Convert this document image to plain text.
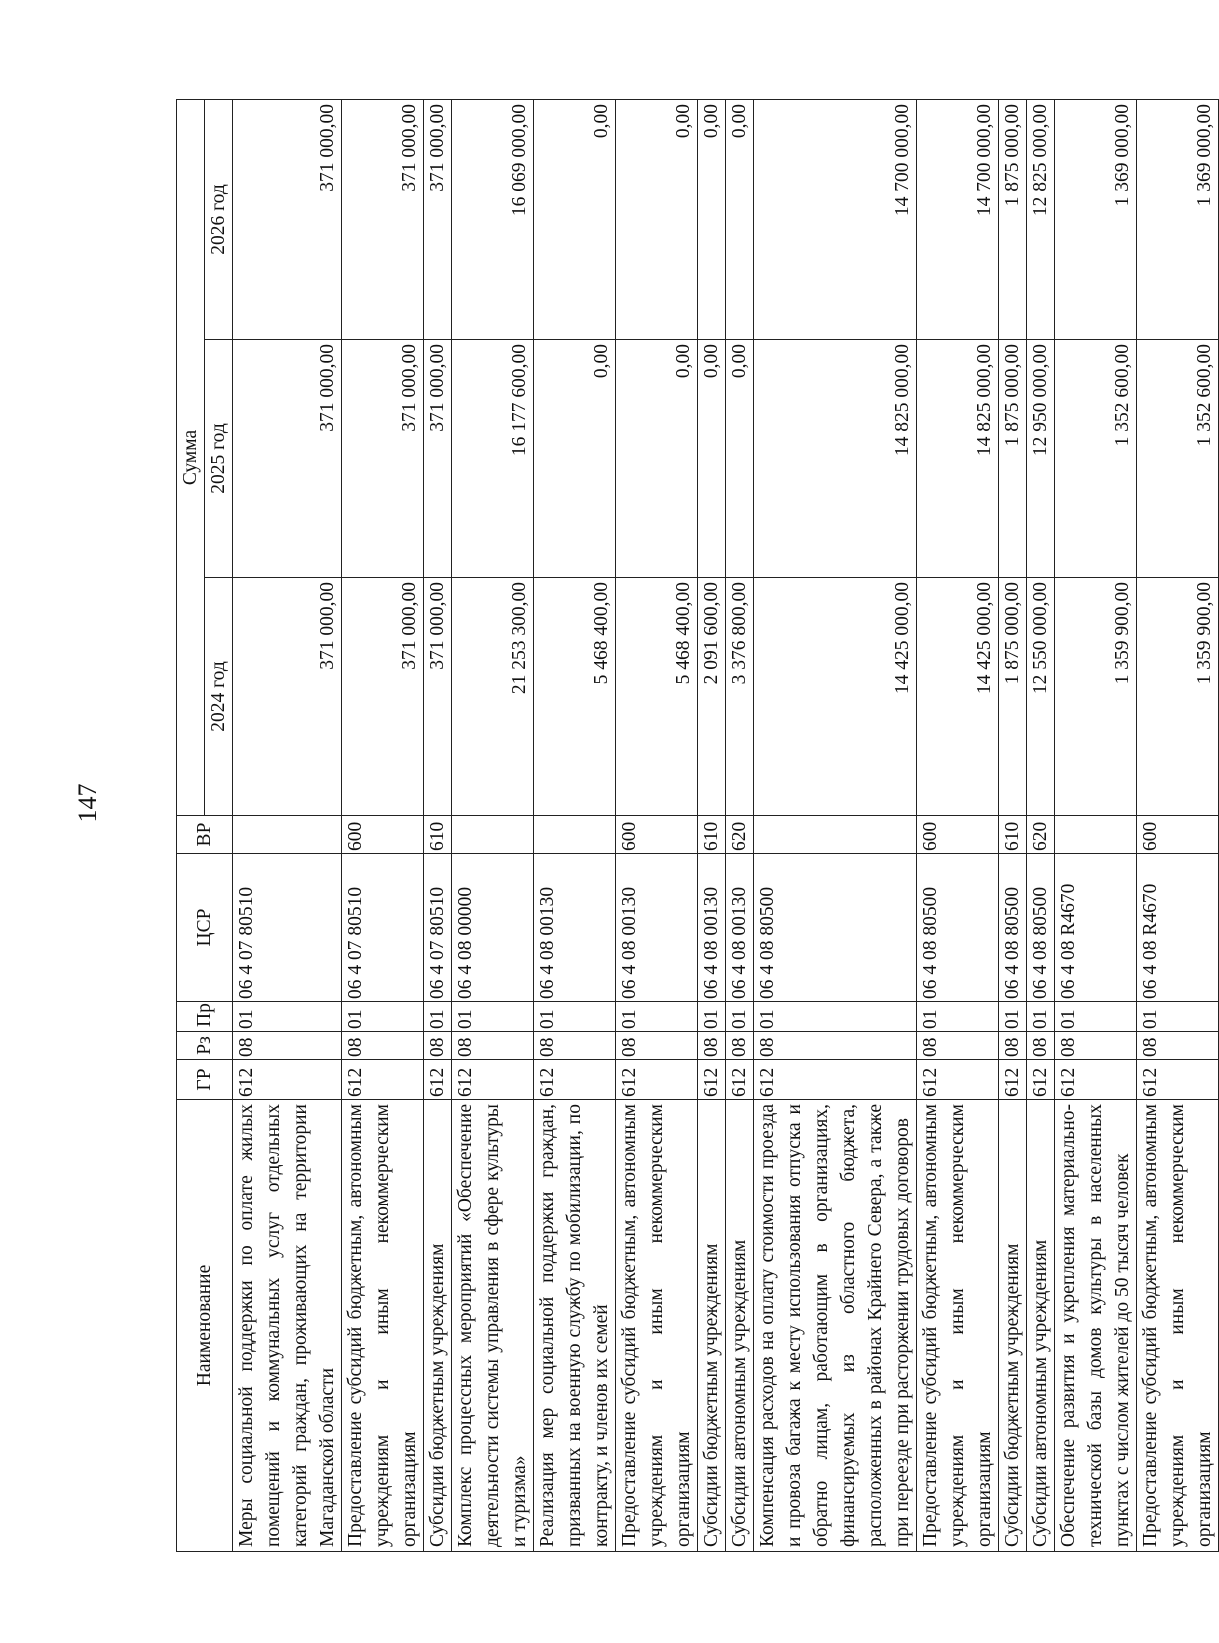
147
Наименование	ГР	Рз	Пр	ЦСР	ВР	Сумма		
						2024 год	2025 год	2026 год
Меры социальной поддержки по оплате жилых помещений и коммунальных услуг отдельных категорий граждан, проживающих на территории Магаданской области	612	08	01	06 4 07 80510		371 000,00	371 000,00	371 000,00
Предоставление субсидий бюджетным, автономным учреждениям и иным некоммерческим организациям	612	08	01	06 4 07 80510	600	371 000,00	371 000,00	371 000,00
Субсидии бюджетным учреждениям	612	08	01	06 4 07 80510	610	371 000,00	371 000,00	371 000,00
Комплекс процессных мероприятий «Обеспечение деятельности системы управления в сфере культуры и туризма»	612	08	01	06 4 08 00000		21 253 300,00	16 177 600,00	16 069 000,00
Реализация мер социальной поддержки граждан, призванных на военную службу по мобилизации, по контракту, и членов их семей	612	08	01	06 4 08 00130		5 468 400,00	0,00	0,00
Предоставление субсидий бюджетным, автономным учреждениям и иным некоммерческим организациям	612	08	01	06 4 08 00130	600	5 468 400,00	0,00	0,00
Субсидии бюджетным учреждениям	612	08	01	06 4 08 00130	610	2 091 600,00	0,00	0,00
Субсидии автономным учреждениям	612	08	01	06 4 08 00130	620	3 376 800,00	0,00	0,00
Компенсация расходов на оплату стоимости проезда и провоза багажа к месту использования отпуска и обратно лицам, работающим в организациях, финансируемых из областного бюджета, расположенных в районах Крайнего Севера, а также при переезде при расторжении трудовых договоров	612	08	01	06 4 08 80500		14 425 000,00	14 825 000,00	14 700 000,00
Предоставление субсидий бюджетным, автономным учреждениям и иным некоммерческим организациям	612	08	01	06 4 08 80500	600	14 425 000,00	14 825 000,00	14 700 000,00
Субсидии бюджетным учреждениям	612	08	01	06 4 08 80500	610	1 875 000,00	1 875 000,00	1 875 000,00
Субсидии автономным учреждениям	612	08	01	06 4 08 80500	620	12 550 000,00	12 950 000,00	12 825 000,00
Обеспечение развития и укрепления материально-технической базы домов культуры в населенных пунктах с числом жителей до 50 тысяч человек	612	08	01	06 4 08 R4670		1 359 900,00	1 352 600,00	1 369 000,00
Предоставление субсидий бюджетным, автономным учреждениям и иным некоммерческим организациям	612	08	01	06 4 08 R4670	600	1 359 900,00	1 352 600,00	1 369 000,00
